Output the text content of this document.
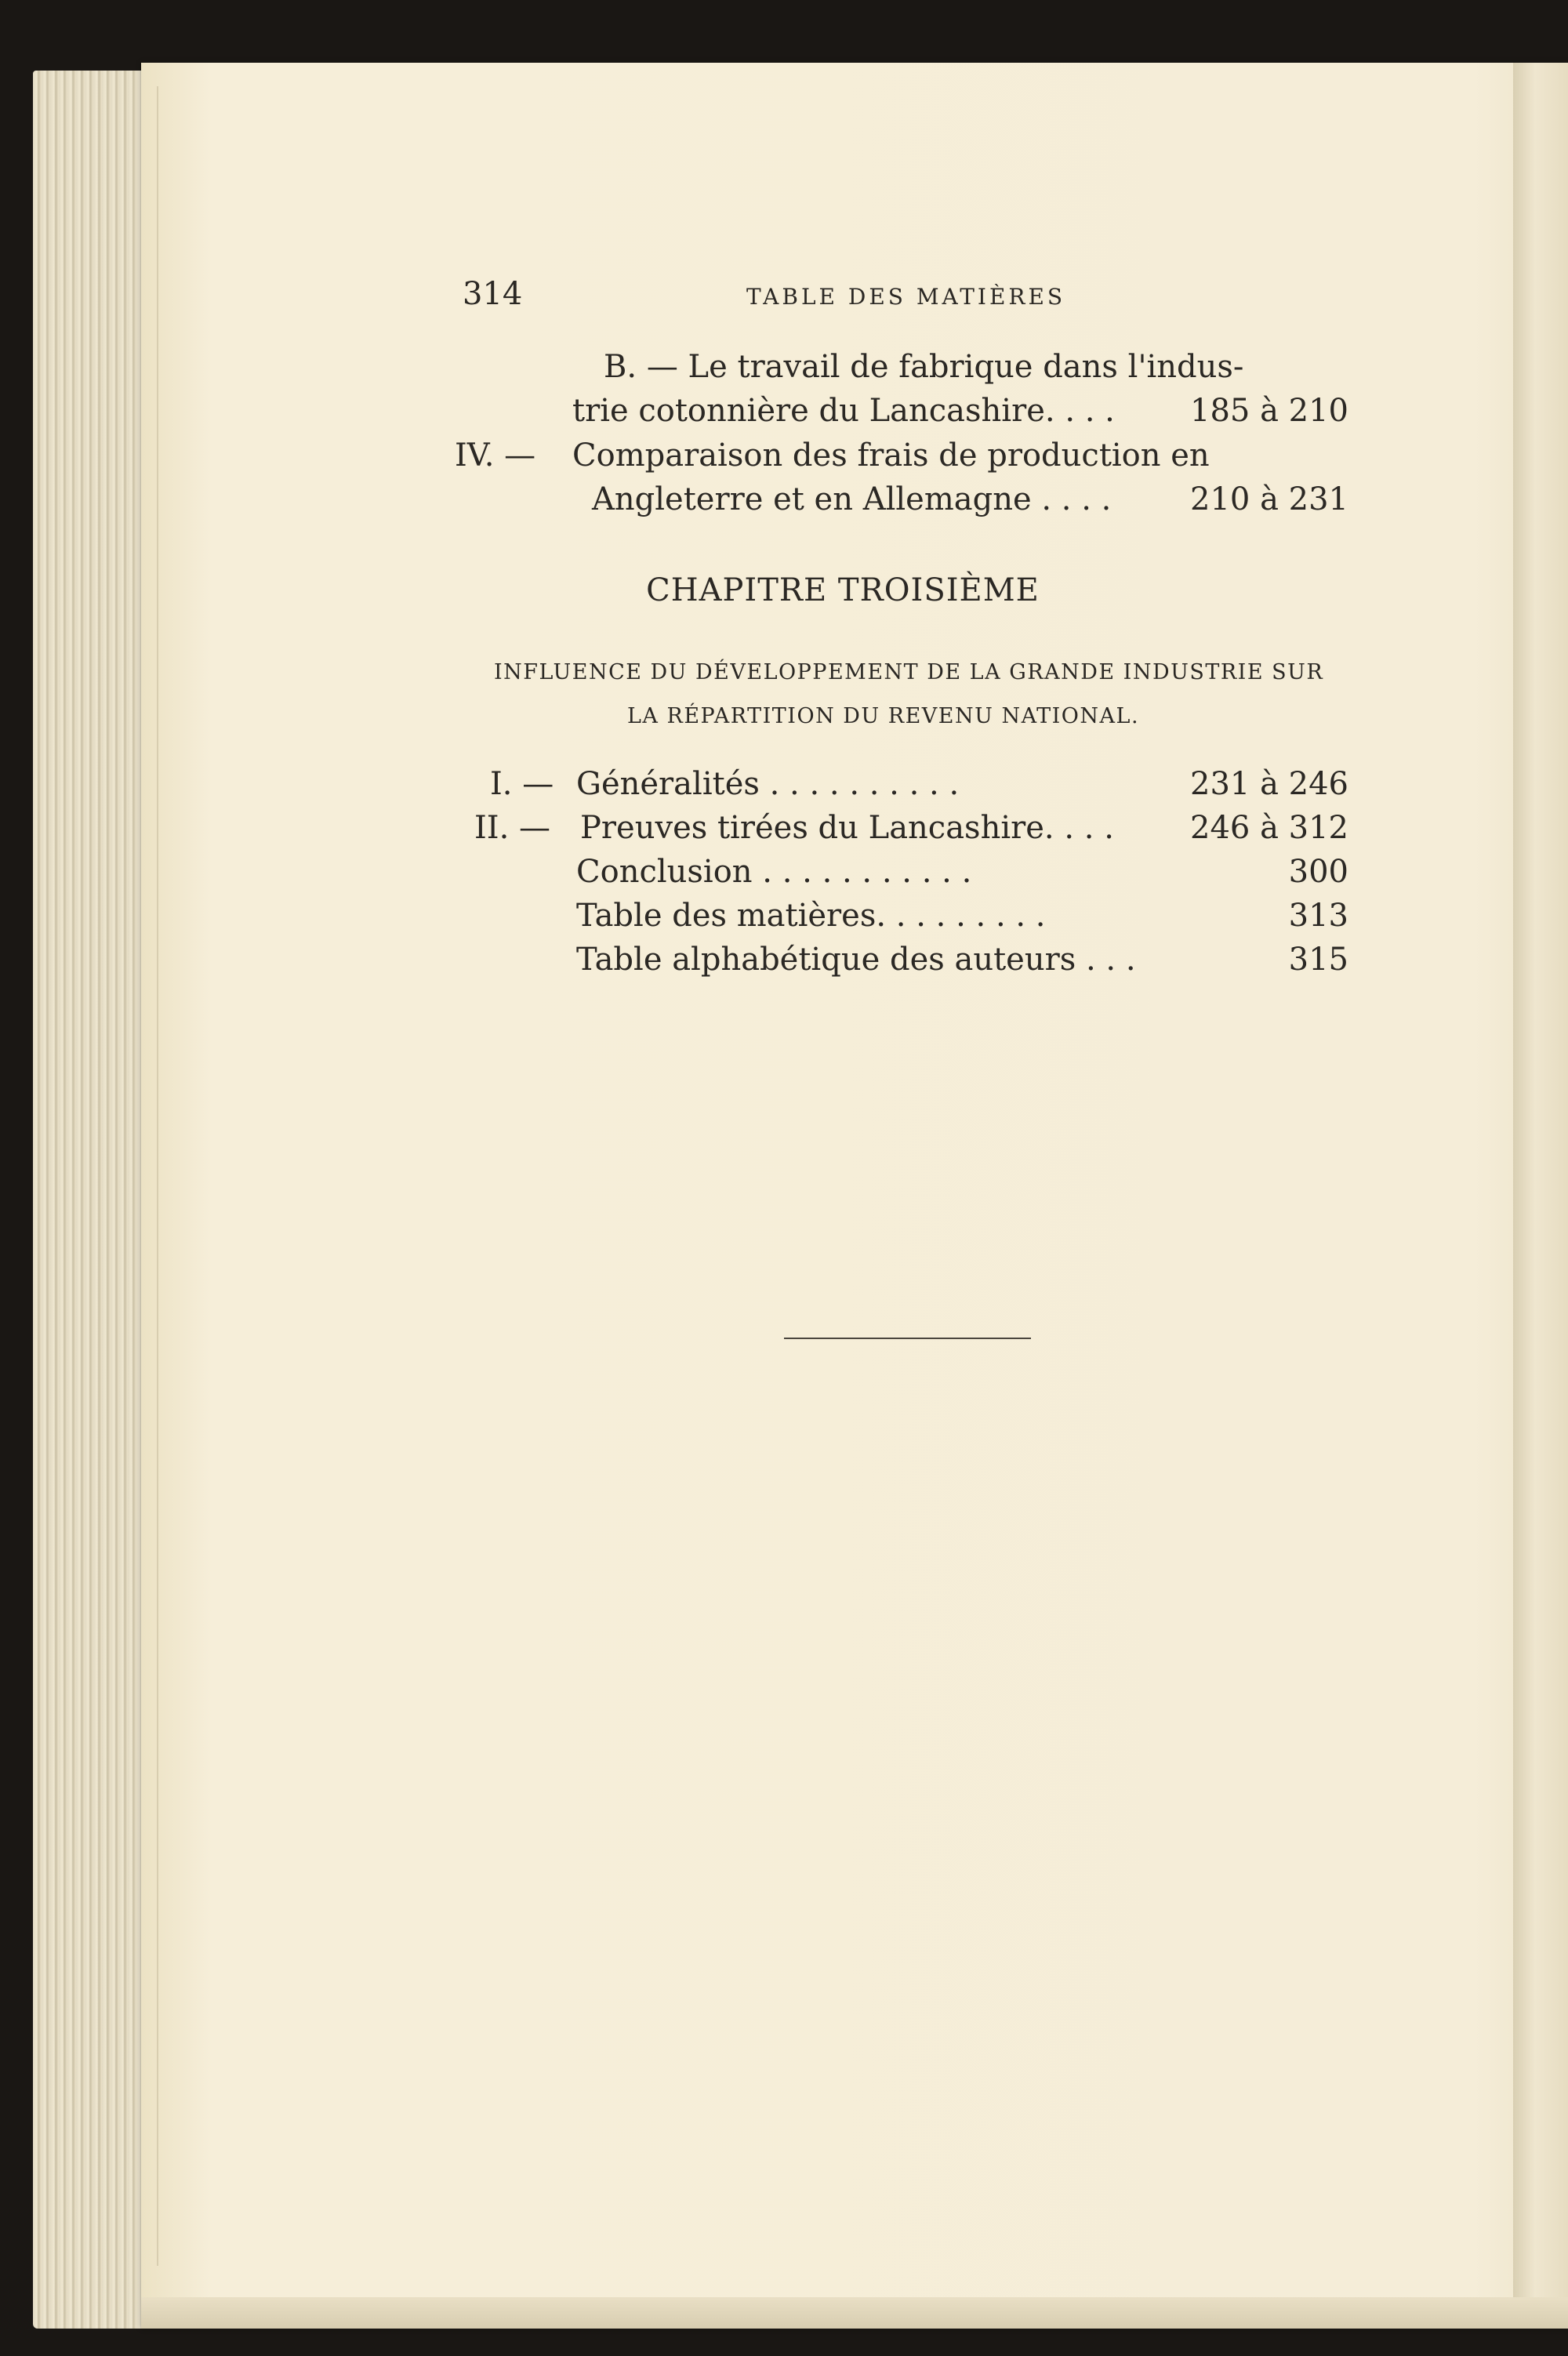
314	TABLE DES MATIÈRES
B. — Le travail de fabrique dans l'indus-
trie cotonnière du Lancashire. . . . 185 à 210
IV. — Comparaison des frais de production en
Angleterre et en Allemagne . . . .	210 à 231
CHAPITRE TROISIÈME
INFLUENCE DU DÉVELOPPEMENT DE LA GRANDE INDUSTRIE SUR
LA RÉPARTITION DU REVENU NATIONAL.
I. — Généralités . . . . . . . . . .	231 à 246
II. — Preuves tirées du Lancashire. . . . 246 à 312
Conclusion . . . . . . . . . . .	300
Table des matières. . . . . . . . .	313
Table alphabétique des auteurs . . .	315
